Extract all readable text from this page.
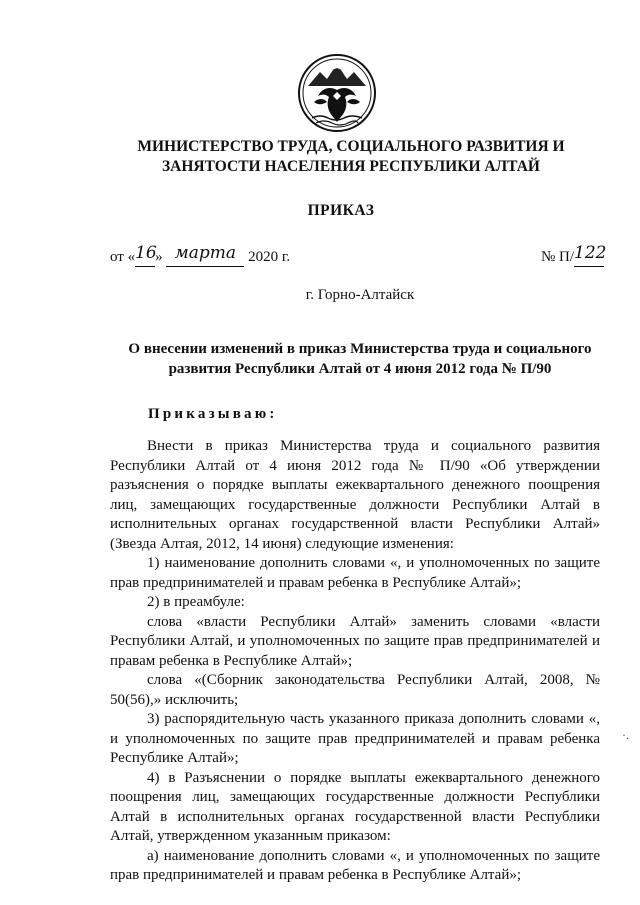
МИНИСТЕРСТВО ТРУДА, СОЦИАЛЬНОГО РАЗВИТИЯ И
ЗАНЯТОСТИ НАСЕЛЕНИЯ РЕСПУБЛИКИ АЛТАЙ
ПРИКАЗ
от «16» марта 2020 г.	№ П/122
г. Горно-Алтайск
О внесении изменений в приказ Министерства труда и социального
развития Республики Алтай от 4 июня 2012 года № П/90
Приказываю:

Внести в приказ Министерства труда и социального развития Республики Алтай от 4 июня 2012 года № П/90 «Об утверждении разъяснения о порядке выплаты ежеквартального денежного поощрения лиц, замещающих государственные должности Республики Алтай в исполнительных органах государственной власти Республики Алтай» (Звезда Алтая, 2012, 14 июня) следующие изменения:

1) наименование дополнить словами «, и уполномоченных по защите прав предпринимателей и правам ребенка в Республике Алтай»;

2) в преамбуле:

слова «власти Республики Алтай» заменить словами «власти Республики Алтай, и уполномоченных по защите прав предпринимателей и правам ребенка в Республике Алтай»;

слова «(Сборник законодательства Республики Алтай, 2008, № 50(56),» исключить;

3) распорядительную часть указанного приказа дополнить словами «, и уполномоченных по защите прав предпринимателей и правам ребенка Республике Алтай»;

4) в Разъяснении о порядке выплаты ежеквартального денежного поощрения лиц, замещающих государственные должности Республики Алтай в исполнительных органах государственной власти Республики Алтай, утвержденном указанным приказом:

а) наименование дополнить словами «, и уполномоченных по защите прав предпринимателей и правам ребенка в Республике Алтай»;

·.
